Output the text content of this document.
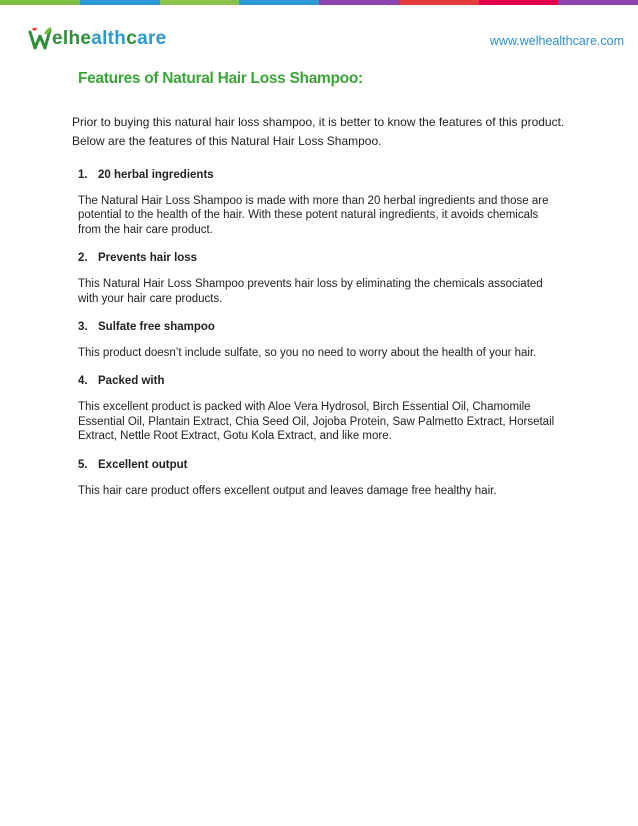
elhealthcare	www.welhealthcare.com
Features of Natural Hair Loss Shampoo:
Prior to buying this natural hair loss shampoo, it is better to know the features of this product.
Below are the features of this Natural Hair Loss Shampoo.
1. 20 herbal ingredients
The Natural Hair Loss Shampoo is made with more than 20 herbal ingredients and those are potential to the health of the hair. With these potent natural ingredients, it avoids chemicals from the hair care product.
2. Prevents hair loss
This Natural Hair Loss Shampoo prevents hair loss by eliminating the chemicals associated with your hair care products.
3. Sulfate free shampoo
This product doesn’t include sulfate, so you no need to worry about the health of your hair.
4. Packed with
This excellent product is packed with Aloe Vera Hydrosol, Birch Essential Oil, Chamomile Essential Oil, Plantain Extract, Chia Seed Oil, Jojoba Protein, Saw Palmetto Extract, Horsetail Extract, Nettle Root Extract, Gotu Kola Extract, and like more.
5. Excellent output
This hair care product offers excellent output and leaves damage free healthy hair.
